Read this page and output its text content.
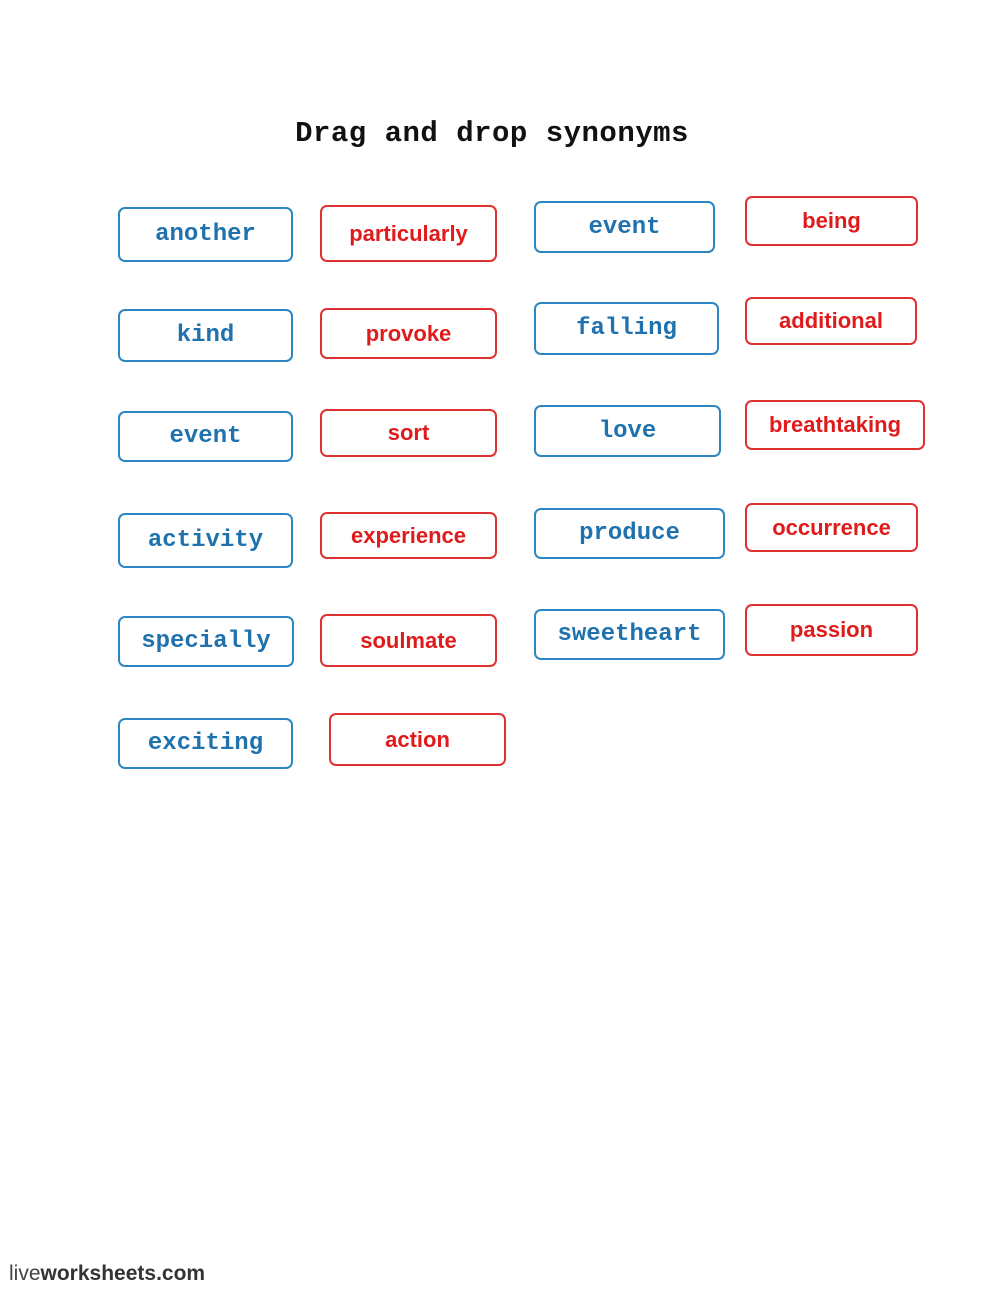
Drag and drop synonyms
another
kind
event
activity
specially
exciting
particularly
provoke
sort
experience
soulmate
action
event
falling
love
produce
sweetheart
being
additional
breathtaking
occurrence
passion
liveworksheets.com
